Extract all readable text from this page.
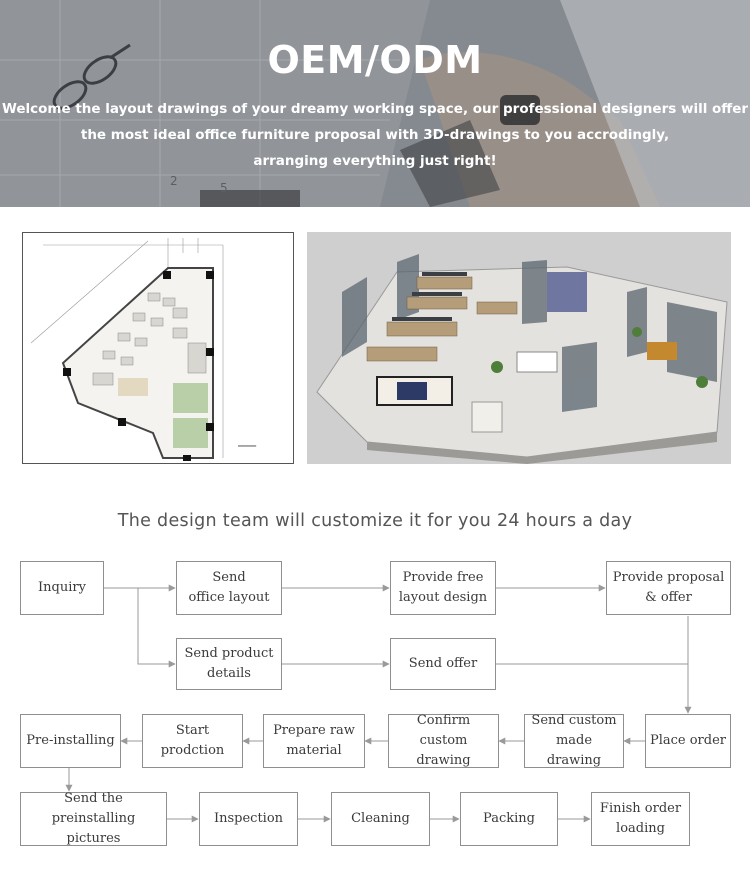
2	5
OEM/ODM
Welcome the layout drawings of your dreamy working space, our professional designers will offer
the most ideal office furniture proposal with 3D-drawings to you accrodingly,
arranging everything just right!
━━━━━
The design team will customize it for you 24 hours a day
Inquiry
Send
office layout
Provide free
layout design
Provide proposal
& offer
Send product
details
Send offer
Pre-installing
Start prodction
Prepare raw
material
Confirm custom
drawing
Send custom
made drawing
Place order
Send the preinstalling
pictures
Inspection	Cleaning	Packing
Finish order
loading
